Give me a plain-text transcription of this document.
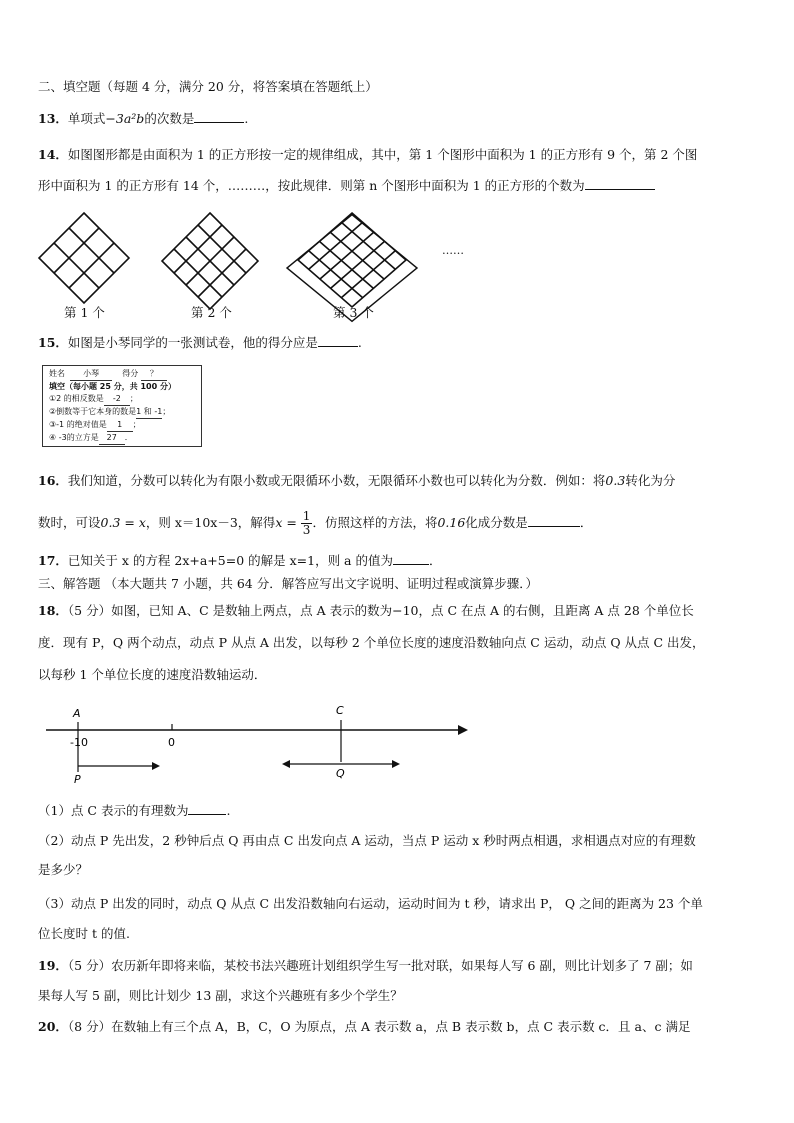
二、填空题（每题 4 分，满分 20 分，将答案填在答题纸上）
13．单项式−3a²b的次数是	.
14．如图图形都是由面积为 1 的正方形按一定的规律组成，其中，第 1 个图形中面积为 1 的正方形有 9 个，第 2 个图
形中面积为 1 的正方形有 14 个，………，按此规律．则第 n 个图形中面积为 1 的正方形的个数为
……
第 1 个	第 2 个	第 3 个
15．如图是小琴同学的一张测试卷，他的得分应是	.
姓名 小琴	得分 ？
填空（每小题 25 分，共 100 分）
①2 的相反数是 -2 ；
②倒数等于它本身的数是1 和 -1；
③-1 的绝对值是 1 ；
④ -3的立方是 27 ．
16．我们知道，分数可以转化为有限小数或无限循环小数，无限循环小数也可以转化为分数．例如：将0.3转化为分
数时，可设0.3 = x，则 x＝10x－3，解得$x = \frac{1}{3}$ ．仿照这样的方法，将0.16化成分数是	．
17．已知关于 x 的方程 2x+a+5=0 的解是 x=1，则 a 的值为	．
三、解答题 （本大题共 7 小题，共 64 分．解答应写出文字说明、证明过程或演算步骤．）
18．（5 分）如图，已知 A、C 是数轴上两点，点 A 表示的数为−10，点 C 在点 A 的右侧，且距离 A 点 28 个单位长
度．现有 P，Q 两个动点，动点 P 从点 A 出发，以每秒 2 个单位长度的速度沿数轴向点 C 运动，动点 Q 从点 C 出发，
以每秒 1 个单位长度的速度沿数轴运动．
A
-10	0
C
P	Q
（1）点 C 表示的有理数为	.
（2）动点 P 先出发，2 秒钟后点 Q 再由点 C 出发向点 A 运动，当点 P 运动 x 秒时两点相遇，求相遇点对应的有理数
是多少？
（3）动点 P 出发的同时，动点 Q 从点 C 出发沿数轴向右运动，运动时间为 t 秒，请求出 P， Q 之间的距离为 23 个单
位长度时 t 的值.
19．（5 分）农历新年即将来临，某校书法兴趣班计划组织学生写一批对联，如果每人写 6 副，则比计划多了 7 副；如
果每人写 5 副，则比计划少 13 副，求这个兴趣班有多少个学生？
20．（8 分）在数轴上有三个点 A，B，C，O 为原点，点 A 表示数 a，点 B 表示数 b，点 C 表示数 c．且 a、c 满足
